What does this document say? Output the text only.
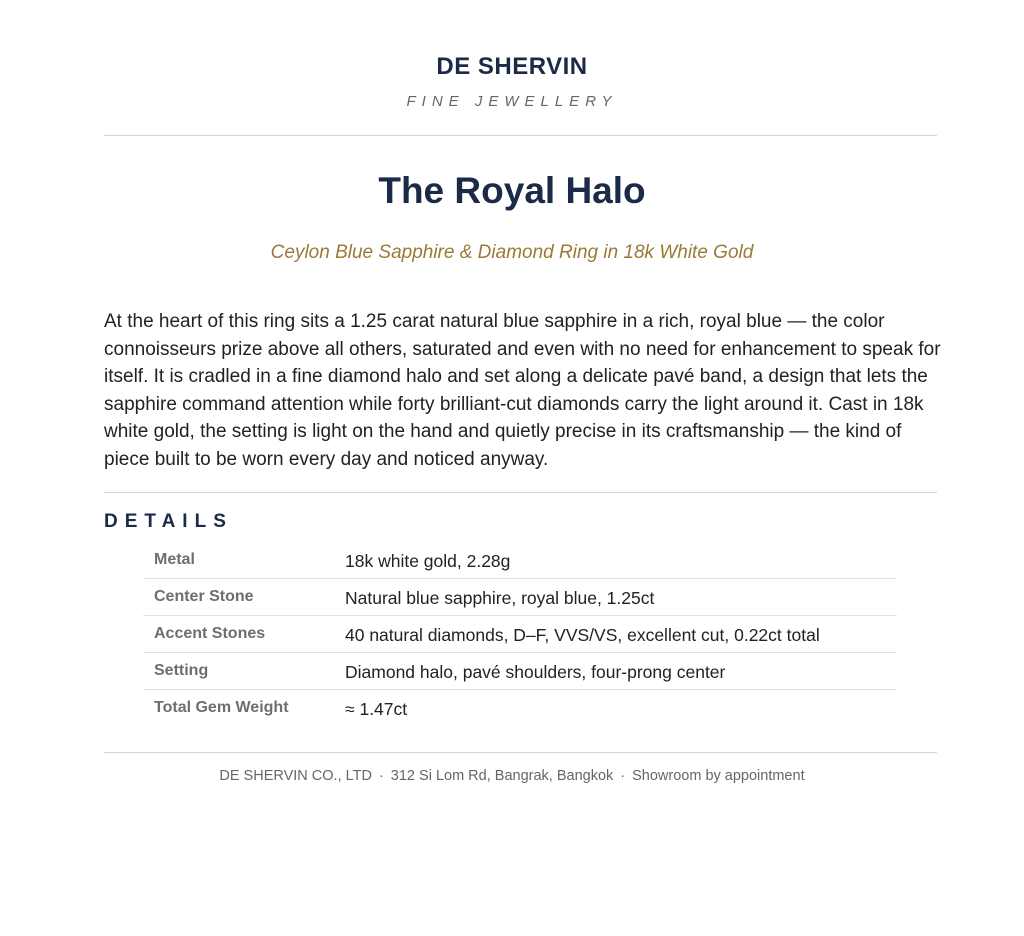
DE SHERVIN
FINE JEWELLERY
The Royal Halo
Ceylon Blue Sapphire & Diamond Ring in 18k White Gold
At the heart of this ring sits a 1.25 carat natural blue sapphire in a rich, royal blue — the color connoisseurs prize above all others, saturated and even with no need for enhancement to speak for itself. It is cradled in a fine diamond halo and set along a delicate pavé band, a design that lets the sapphire command attention while forty brilliant-cut diamonds carry the light around it. Cast in 18k white gold, the setting is light on the hand and quietly precise in its craftsmanship — the kind of piece built to be worn every day and noticed anyway.
DETAILS
Metal	18k white gold, 2.28g
Center Stone	Natural blue sapphire, royal blue, 1.25ct
Accent Stones	40 natural diamonds, D–F, VVS/VS, excellent cut, 0.22ct total
Setting	Diamond halo, pavé shoulders, four-prong center
Total Gem Weight	≈ 1.47ct
DE SHERVIN CO., LTD · 312 Si Lom Rd, Bangrak, Bangkok · Showroom by appointment
